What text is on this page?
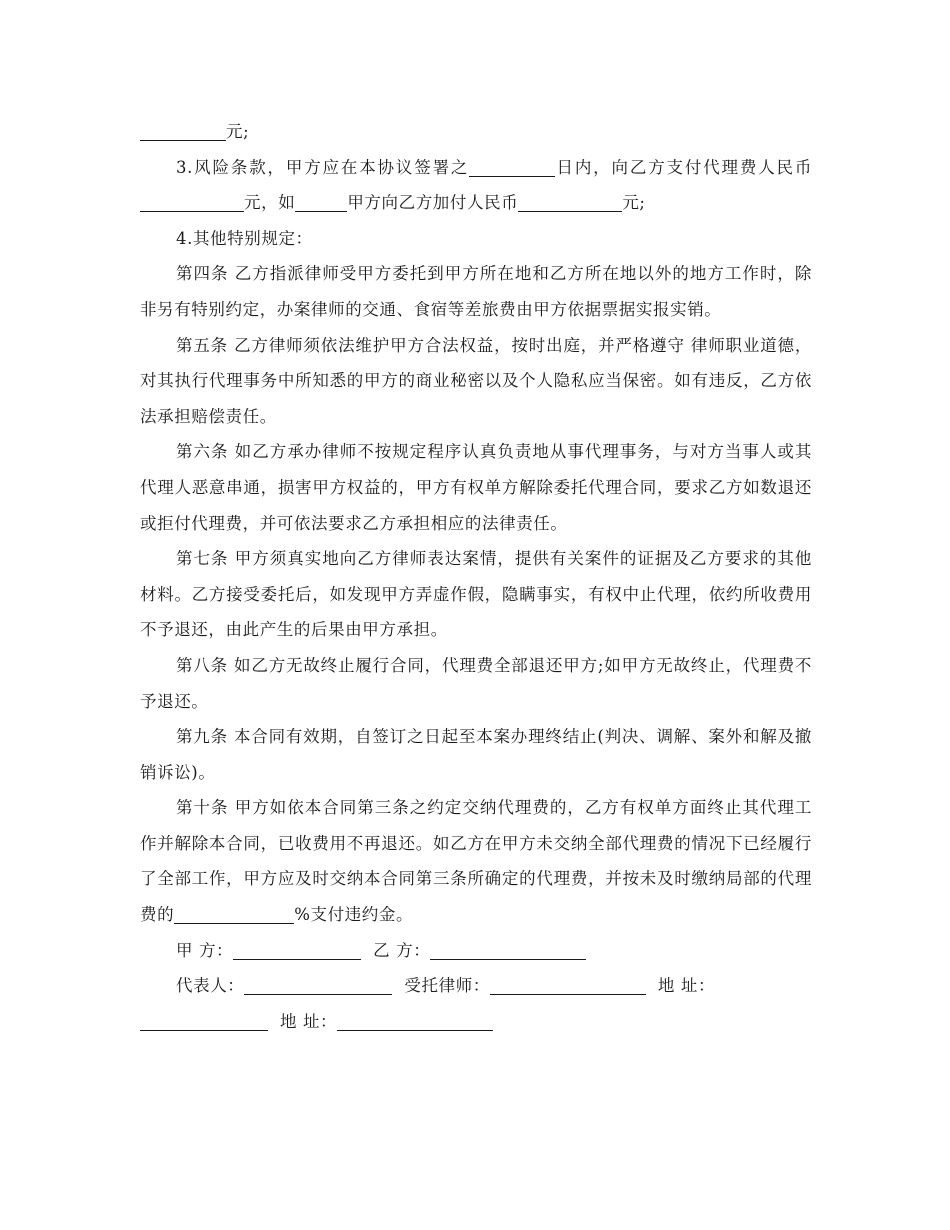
元;

3.风险条款，甲方应在本协议签署之	日内，向乙方支付代理费人民币元，如	甲方向乙方加付人民币	元;

4.其他特别规定：

第四条 乙方指派律师受甲方委托到甲方所在地和乙方所在地以外的地方工作时，除非另有特别约定，办案律师的交通、食宿等差旅费由甲方依据票据实报实销。

第五条 乙方律师须依法维护甲方合法权益，按时出庭，并严格遵守 律师职业道德，对其执行代理事务中所知悉的甲方的商业秘密以及个人隐私应当保密。如有违反，乙方依法承担赔偿责任。

第六条 如乙方承办律师不按规定程序认真负责地从事代理事务，与对方当事人或其代理人恶意串通，损害甲方权益的，甲方有权单方解除委托代理合同，要求乙方如数退还或拒付代理费，并可依法要求乙方承担相应的法律责任。

第七条 甲方须真实地向乙方律师表达案情，提供有关案件的证据及乙方要求的其他材料。乙方接受委托后，如发现甲方弄虚作假，隐瞒事实，有权中止代理，依约所收费用不予退还，由此产生的后果由甲方承担。

第八条 如乙方无故终止履行合同，代理费全部退还甲方;如甲方无故终止，代理费不予退还。

第九条 本合同有效期，自签订之日起至本案办理终结止(判决、调解、案外和解及撤销诉讼)。

第十条 甲方如依本合同第三条之约定交纳代理费的，乙方有权单方面终止其代理工作并解除本合同，已收费用不再退还。如乙方在甲方未交纳全部代理费的情况下已经履行了全部工作，甲方应及时交纳本合同第三条所确定的代理费，并按未及时缴纳局部的代理费的	%支付违约金。

甲 方：	乙 方：

代表人：	受托律师：	地 址：

地 址：
